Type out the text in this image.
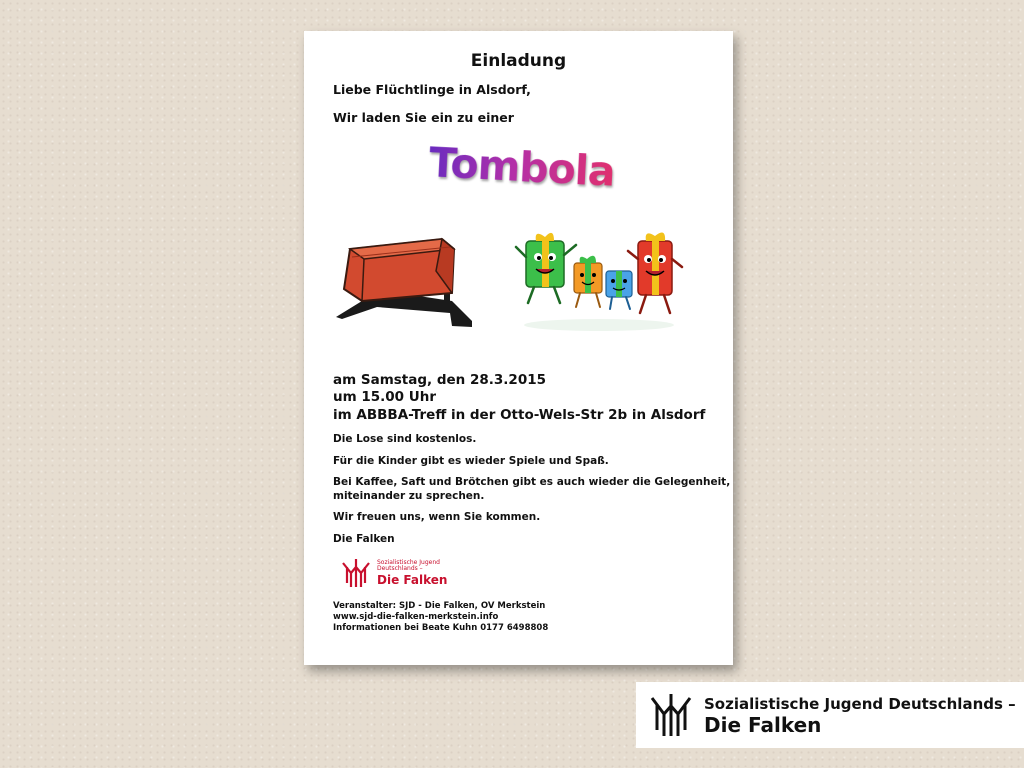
Einladung
Liebe Flüchtlinge in Alsdorf,
Wir laden Sie ein zu einer
Tombola
am Samstag, den 28.3.2015
um 15.00 Uhr
im ABBBA-Treff in der Otto-Wels-Str 2b in Alsdorf
Die Lose sind kostenlos.
Für die Kinder gibt es wieder Spiele und Spaß.
Bei Kaffee, Saft und Brötchen gibt es auch wieder die Gelegenheit,
miteinander zu sprechen.
Wir freuen uns, wenn Sie kommen.
Die Falken
Sozialistische Jugend
Deutschlands –
Die Falken
Veranstalter: SJD - Die Falken, OV Merkstein
www.sjd-die-falken-merkstein.info
Informationen bei Beate Kuhn 0177 6498808
Sozialistische Jugend Deutschlands –
Die Falken
